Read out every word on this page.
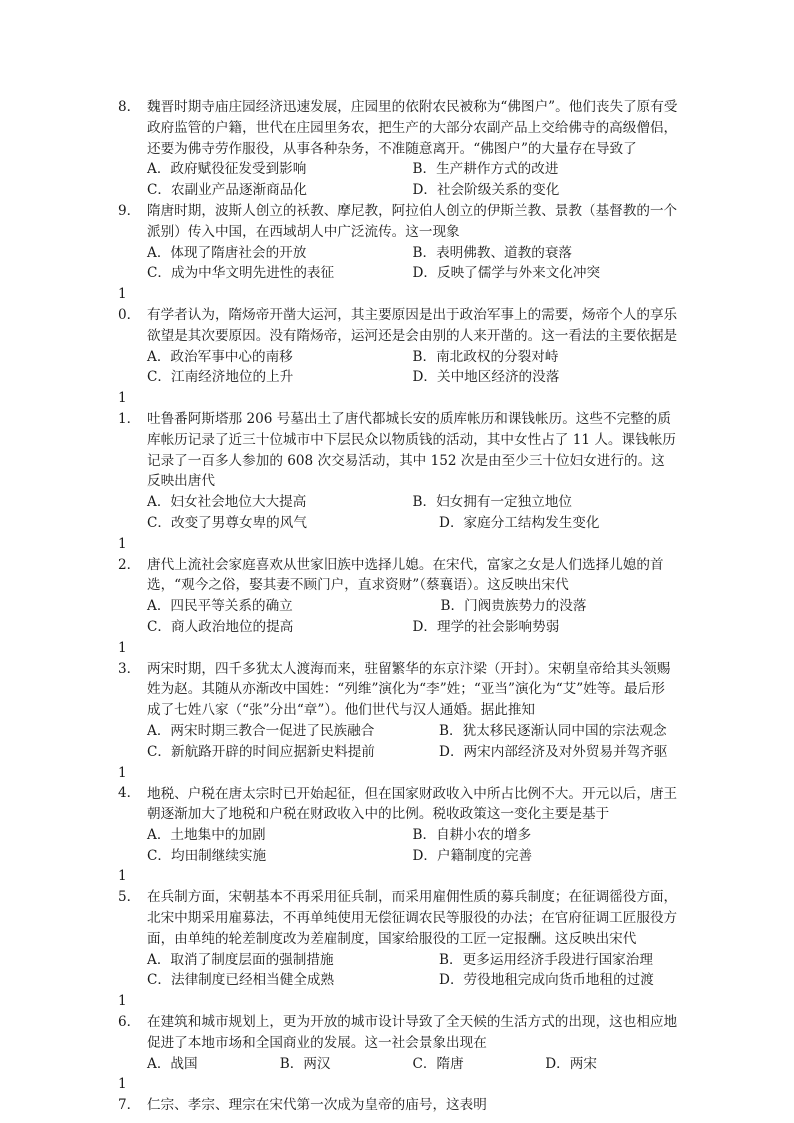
8． 魏晋时期寺庙庄园经济迅速发展，庄园里的依附农民被称为“佛图户”。他们丧失了原有受政府监管的户籍，世代在庄园里务农，把生产的大部分农副产品上交给佛寺的高级僧侣，还要为佛寺劳作服役，从事各种杂务，不准随意离开。“佛图户”的大量存在导致了
A．政府赋役征发受到影响	B．生产耕作方式的改进
C．农副业产品逐渐商品化	D．社会阶级关系的变化
9． 隋唐时期，波斯人创立的袄教、摩尼教，阿拉伯人创立的伊斯兰教、景教（基督教的一个派别）传入中国，在西域胡人中广泛流传。这一现象
A．体现了隋唐社会的开放	B．表明佛教、道教的衰落
C．成为中华文明先进性的表征	D．反映了儒学与外来文化冲突
10． 有学者认为，隋炀帝开凿大运河，其主要原因是出于政治军事上的需要，炀帝个人的享乐欲望是其次要原因。没有隋炀帝，运河还是会由别的人来开凿的。这一看法的主要依据是
A．政治军事中心的南移	B．南北政权的分裂对峙
C．江南经济地位的上升	D．关中地区经济的没落
11． 吐鲁番阿斯塔那 206 号墓出土了唐代都城长安的质库帐历和课钱帐历。这些不完整的质库帐历记录了近三十位城市中下层民众以物质钱的活动，其中女性占了 11 人。课钱帐历记录了一百多人参加的 608 次交易活动，其中 152 次是由至少三十位妇女进行的。这反映出唐代
A．妇女社会地位大大提高	B．妇女拥有一定独立地位
C．改变了男尊女卑的风气	D．家庭分工结构发生变化
12． 唐代上流社会家庭喜欢从世家旧族中选择儿媳。在宋代，富家之女是人们选择儿媳的首选，“观今之俗，娶其妻不顾门户，直求资财”（蔡襄语）。这反映出宋代
A．四民平等关系的确立	B．门阀贵族势力的没落
C．商人政治地位的提高	D．理学的社会影响势弱
13． 两宋时期，四千多犹太人渡海而来，驻留繁华的东京汴梁（开封）。宋朝皇帝给其头领赐姓为赵。其随从亦渐改中国姓：“列维”演化为“李”姓；“亚当”演化为“艾”姓等。最后形成了七姓八家（“张”分出“章”）。他们世代与汉人通婚。据此推知
A．两宋时期三教合一促进了民族融合	B．犹太移民逐渐认同中国的宗法观念
C．新航路开辟的时间应据新史料提前	D．两宋内部经济及对外贸易并驾齐驱
14． 地税、户税在唐太宗时已开始起征，但在国家财政收入中所占比例不大。开元以后，唐王朝逐渐加大了地税和户税在财政收入中的比例。税收政策这一变化主要是基于
A．土地集中的加剧	B．自耕小农的增多
C．均田制继续实施	D．户籍制度的完善
15． 在兵制方面，宋朝基本不再采用征兵制，而采用雇佣性质的募兵制度；在征调徭役方面，北宋中期采用雇募法，不再单纯使用无偿征调农民等服役的办法；在官府征调工匠服役方面，由单纯的轮差制度改为差雇制度，国家给服役的工匠一定报酬。这反映出宋代
A．取消了制度层面的强制措施	B．更多运用经济手段进行国家治理
C．法律制度已经相当健全成熟	D．劳役地租完成向货币地租的过渡
16． 在建筑和城市规划上，更为开放的城市设计导致了全天候的生活方式的出现，这也相应地促进了本地市场和全国商业的发展。这一社会景象出现在
A．战国	B．两汉	C．隋唐	D．两宋
17． 仁宗、孝宗、理宗在宋代第一次成为皇帝的庙号，这表明
